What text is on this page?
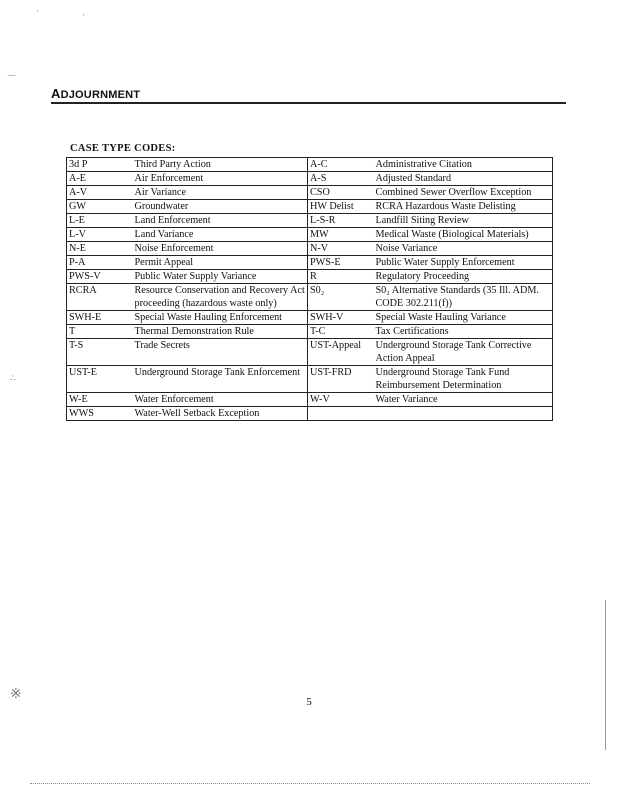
ADJOURNMENT
CASE TYPE CODES:
3d P	Third Party Action	A-C	Administrative Citation
A-E	Air Enforcement	A-S	Adjusted Standard
A-V	Air Variance	CSO	Combined Sewer Overflow Exception
GW	Groundwater	HW Delist	RCRA Hazardous Waste Delisting
L-E	Land Enforcement	L-S-R	Landfill Siting Review
L-V	Land Variance	MW	Medical Waste (Biological Materials)
N-E	Noise Enforcement	N-V	Noise Variance
P-A	Permit Appeal	PWS-E	Public Water Supply Enforcement
PWS-V	Public Water Supply Variance	R	Regulatory Proceeding
RCRA	Resource Conservation and Recovery Act proceeding (hazardous waste only)	S0₂	S0₂ Alternative Standards (35 Ill. ADM. CODE 302.211(f))
SWH-E	Special Waste Hauling Enforcement	SWH-V	Special Waste Hauling Variance
T	Thermal Demonstration Rule	T-C	Tax Certifications
T-S	Trade Secrets	UST-Appeal	Underground Storage Tank Corrective Action Appeal
UST-E	Underground Storage Tank Enforcement	UST-FRD	Underground Storage Tank Fund Reimbursement Determination
W-E	Water Enforcement	W-V	Water Variance
WWS	Water-Well Setback Exception		
5
·	·
‿
∴
※
